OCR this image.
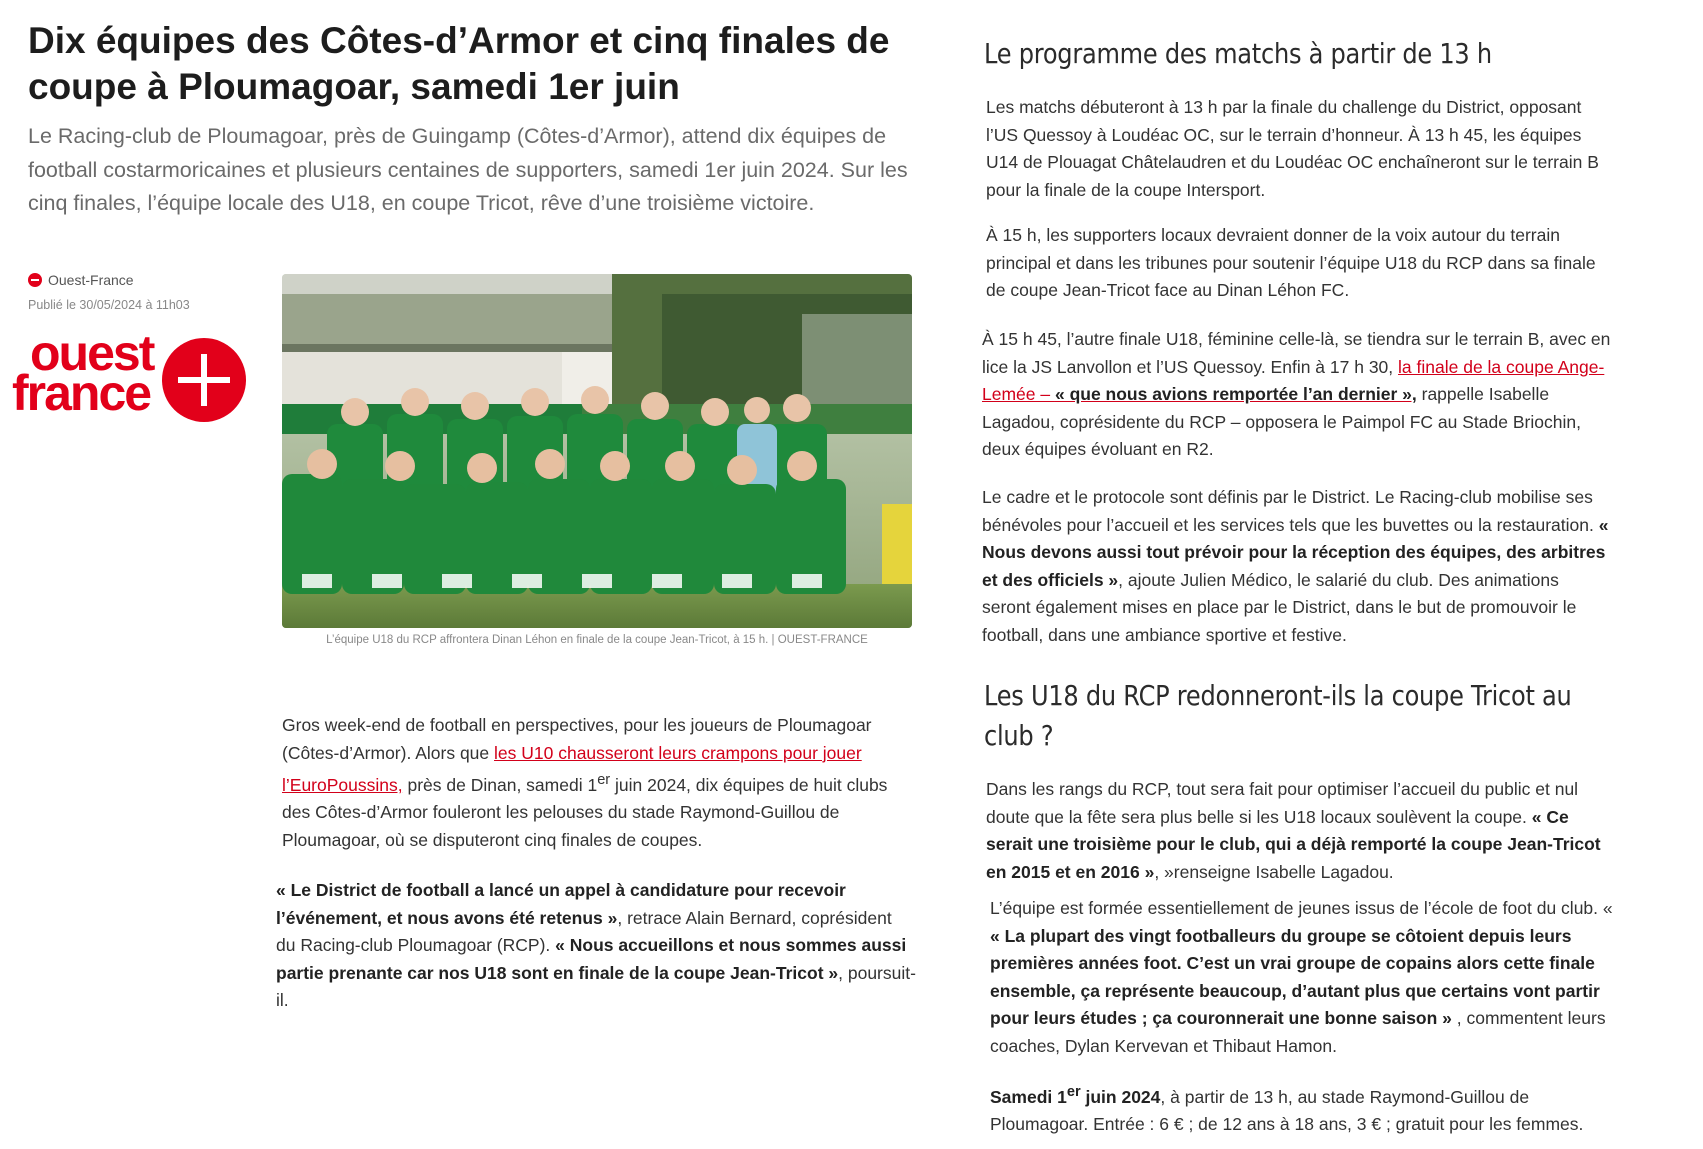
Dix équipes des Côtes-d’Armor et cinq finales de coupe à Ploumagoar, samedi 1er juin

Le Racing-club de Ploumagoar, près de Guingamp (Côtes-d’Armor), attend dix équipes de football costarmoricaines et plusieurs centaines de supporters, samedi 1er juin 2024. Sur les cinq finales, l’équipe locale des U18, en coupe Tricot, rêve d’une troisième victoire.

Ouest-France
Publié le 30/05/2024 à 11h03
ouest
france
L’équipe U18 du RCP affrontera Dinan Léhon en finale de la coupe Jean-Tricot, à 15 h. | OUEST-FRANCE

Gros week-end de football en perspectives, pour les joueurs de Ploumagoar (Côtes-d’Armor). Alors que les U10 chausseront leurs crampons pour jouer l’EuroPoussins, près de Dinan, samedi 1er juin 2024, dix équipes de huit clubs des Côtes-d’Armor fouleront les pelouses du stade Raymond-Guillou de Ploumagoar, où se disputeront cinq finales de coupes.

« Le District de football a lancé un appel à candidature pour recevoir l’événement, et nous avons été retenus », retrace Alain Bernard, coprésident du Racing-club Ploumagoar (RCP). « Nous accueillons et nous sommes aussi partie prenante car nos U18 sont en finale de la coupe Jean-Tricot », poursuit-il.

Le programme des matchs à partir de 13 h

Les matchs débuteront à 13 h par la finale du challenge du District, opposant l’US Quessoy à Loudéac OC, sur le terrain d’honneur. À 13 h 45, les équipes U14 de Plouagat Châtelaudren et du Loudéac OC enchaîneront sur le terrain B pour la finale de la coupe Intersport.

À 15 h, les supporters locaux devraient donner de la voix autour du terrain principal et dans les tribunes pour soutenir l’équipe U18 du RCP dans sa finale de coupe Jean-Tricot face au Dinan Léhon FC.

À 15 h 45, l’autre finale U18, féminine celle-là, se tiendra sur le terrain B, avec en lice la JS Lanvollon et l’US Quessoy. Enfin à 17 h 30, la finale de la coupe Ange-Lemée – « que nous avions remportée l’an dernier », rappelle Isabelle Lagadou, coprésidente du RCP – opposera le Paimpol FC au Stade Briochin, deux équipes évoluant en R2.

Le cadre et le protocole sont définis par le District. Le Racing-club mobilise ses bénévoles pour l’accueil et les services tels que les buvettes ou la restauration. « Nous devons aussi tout prévoir pour la réception des équipes, des arbitres et des officiels », ajoute Julien Médico, le salarié du club. Des animations seront également mises en place par le District, dans le but de promouvoir le football, dans une ambiance sportive et festive.

Les U18 du RCP redonneront-ils la coupe Tricot au club ?

Dans les rangs du RCP, tout sera fait pour optimiser l’accueil du public et nul doute que la fête sera plus belle si les U18 locaux soulèvent la coupe. « Ce serait une troisième pour le club, qui a déjà remporté la coupe Jean-Tricot en 2015 et en 2016 », »renseigne Isabelle Lagadou.

L’équipe est formée essentiellement de jeunes issus de l’école de foot du club. « « La plupart des vingt footballeurs du groupe se côtoient depuis leurs premières années foot. C’est un vrai groupe de copains alors cette finale ensemble, ça représente beaucoup, d’autant plus que certains vont partir pour leurs études ; ça couronnerait une bonne saison » , commentent leurs coaches, Dylan Kervevan et Thibaut Hamon.

Samedi 1er juin 2024, à partir de 13 h, au stade Raymond-Guillou de Ploumagoar. Entrée : 6 € ; de 12 ans à 18 ans, 3 € ; gratuit pour les femmes.
